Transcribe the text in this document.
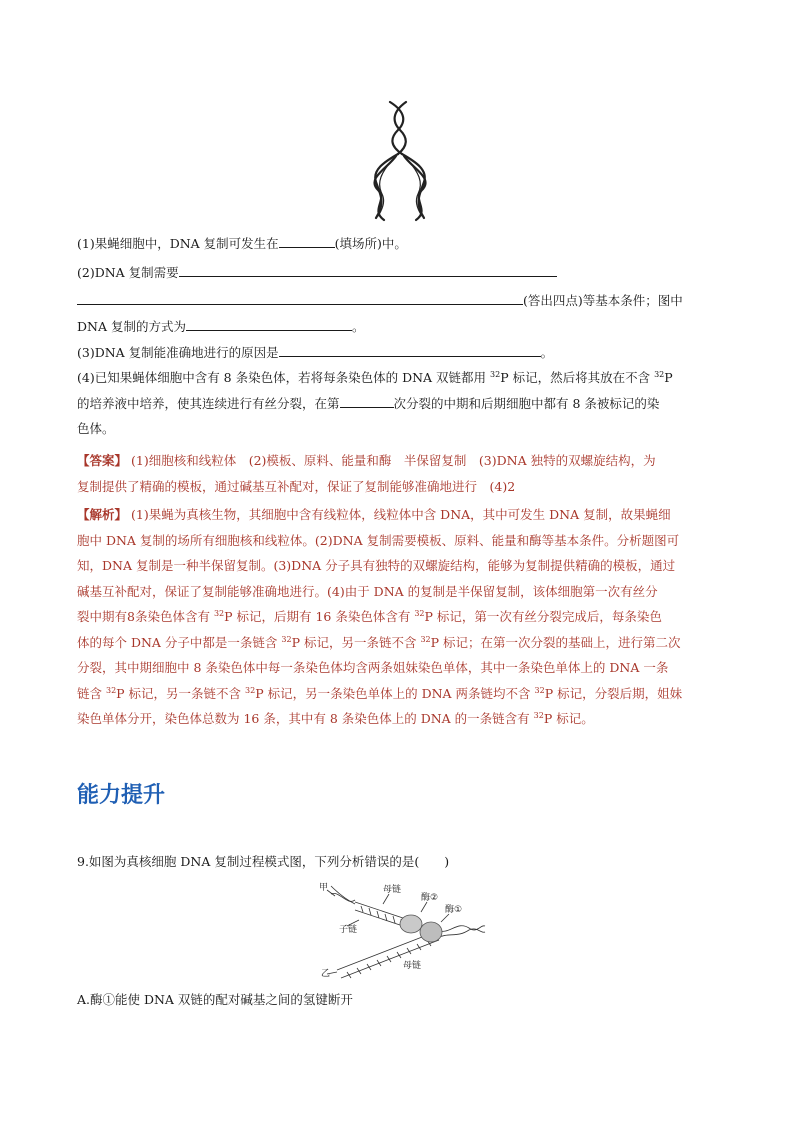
(1)果蝇细胞中，DNA 复制可发生在	(填场所)中。
(2)DNA 复制需要
(答出四点)等基本条件；图中
DNA 复制的方式为	。
(3)DNA 复制能准确地进行的原因是	。
(4)已知果蝇体细胞中含有 8 条染色体，若将每条染色体的 DNA 双链都用 $^{32}$P 标记，然后将其放在不含 $^{32}$P
的培养液中培养，使其连续进行有丝分裂，在第	次分裂的中期和后期细胞中都有 8 条被标记的染
色体。
【答案】 (1)细胞核和线粒体　(2)模板、原料、能量和酶　半保留复制　(3)DNA 独特的双螺旋结构，为
复制提供了精确的模板，通过碱基互补配对，保证了复制能够准确地进行　(4)2
【解析】 (1)果蝇为真核生物，其细胞中含有线粒体，线粒体中含 DNA，其中可发生 DNA 复制，故果蝇细
胞中 DNA 复制的场所有细胞核和线粒体。(2)DNA 复制需要模板、原料、能量和酶等基本条件。分析题图可
知，DNA 复制是一种半保留复制。(3)DNA 分子具有独特的双螺旋结构，能够为复制提供精确的模板，通过
碱基互补配对，保证了复制能够准确地进行。(4)由于 DNA 的复制是半保留复制，该体细胞第一次有丝分
裂中期有8条染色体含有 $^{32}$P 标记，后期有 16 条染色体含有 $^{32}$P 标记，第一次有丝分裂完成后，每条染色
体的每个 DNA 分子中都是一条链含 $^{32}$P 标记，另一条链不含 $^{32}$P 标记；在第一次分裂的基础上，进行第二次
分裂，其中期细胞中 8 条染色体中每一条染色体均含两条姐妹染色单体，其中一条染色单体上的 DNA 一条
链含 $^{32}$P 标记，另一条链不含 $^{32}$P 标记，另一条染色单体上的 DNA 两条链均不含 $^{32}$P 标记，分裂后期，姐妹
染色单体分开，染色体总数为 16 条，其中有 8 条染色体上的 DNA 的一条链含有 $^{32}$P 标记。
能力提升
9.如图为真核细胞 DNA 复制过程模式图，下列分析错误的是(　　)
甲	母链
酶②
酶①
子链
乙
母链
A.酶①能使 DNA 双链的配对碱基之间的氢键断开
